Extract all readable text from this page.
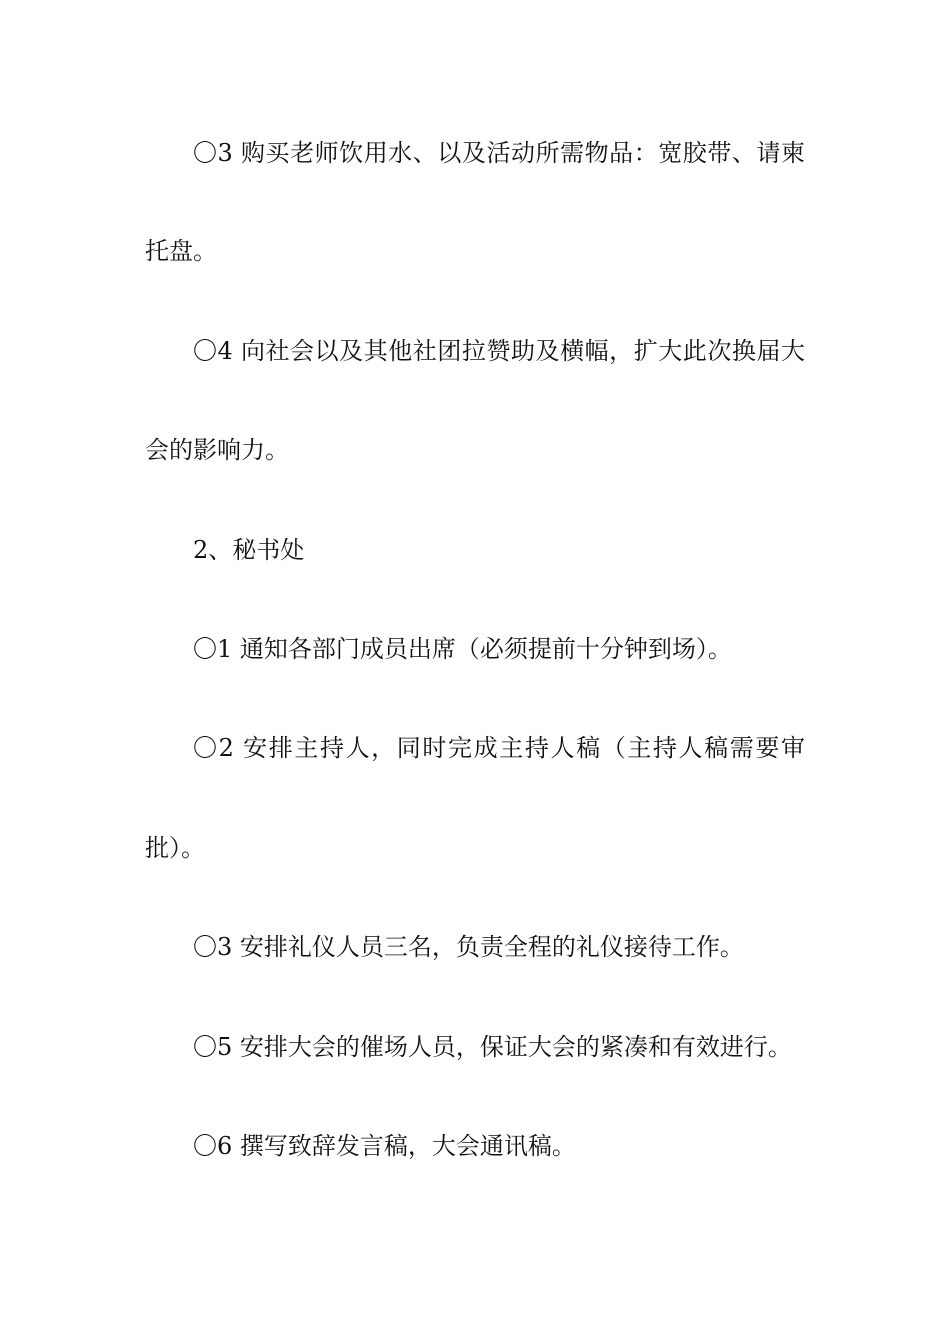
〇3 购买老师饮用水、以及活动所需物品：宽胶带、请柬
托盘。
〇4 向社会以及其他社团拉赞助及横幅，扩大此次换届大
会的影响力。
2、秘书处
〇1 通知各部门成员出席（必须提前十分钟到场）。
〇2 安排主持人，同时完成主持人稿（主持人稿需要审
批）。
〇3 安排礼仪人员三名，负责全程的礼仪接待工作。
〇5 安排大会的催场人员，保证大会的紧凑和有效进行。
〇6 撰写致辞发言稿，大会通讯稿。
